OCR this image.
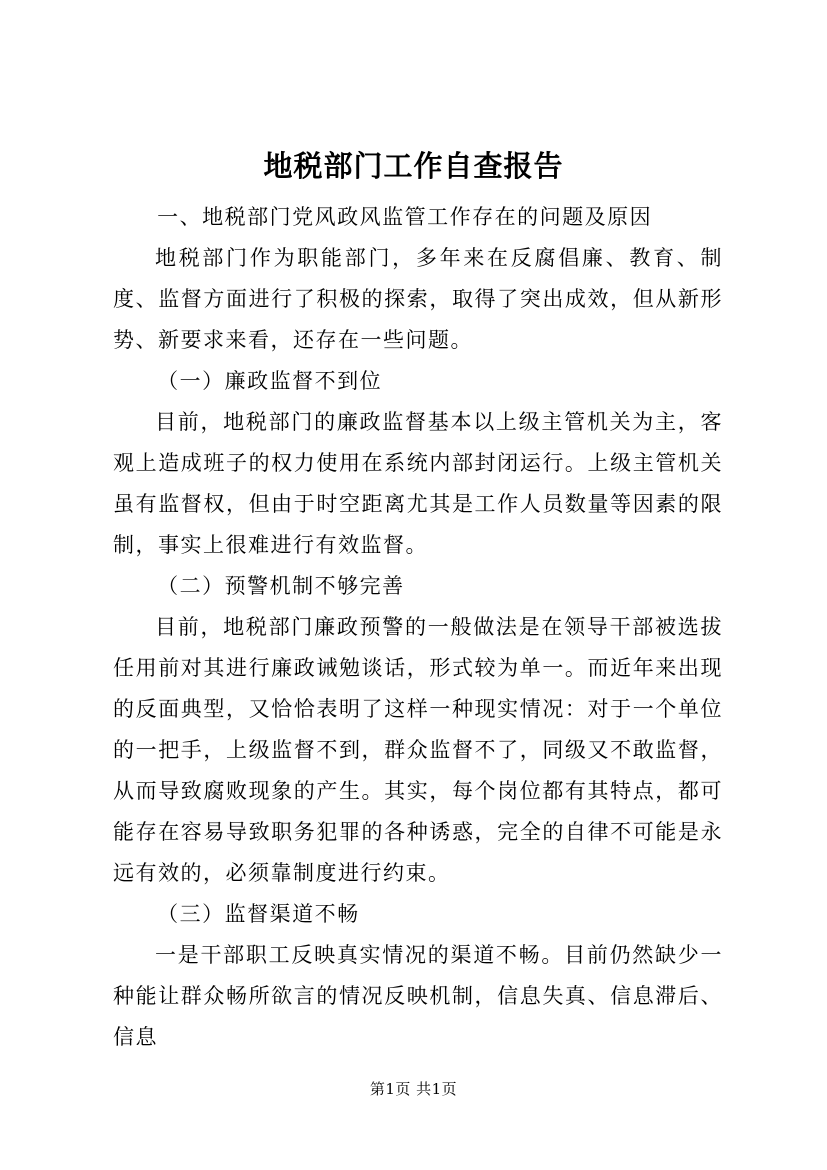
地税部门工作自查报告

一、地税部门党风政风监管工作存在的问题及原因

地税部门作为职能部门，多年来在反腐倡廉、教育、制度、监督方面进行了积极的探索，取得了突出成效，但从新形势、新要求来看，还存在一些问题。

（一）廉政监督不到位

目前，地税部门的廉政监督基本以上级主管机关为主，客观上造成班子的权力使用在系统内部封闭运行。上级主管机关虽有监督权，但由于时空距离尤其是工作人员数量等因素的限制，事实上很难进行有效监督。

（二）预警机制不够完善

目前，地税部门廉政预警的一般做法是在领导干部被选拔任用前对其进行廉政诫勉谈话，形式较为单一。而近年来出现的反面典型，又恰恰表明了这样一种现实情况：对于一个单位的一把手，上级监督不到，群众监督不了，同级又不敢监督，从而导致腐败现象的产生。其实，每个岗位都有其特点，都可能存在容易导致职务犯罪的各种诱惑，完全的自律不可能是永远有效的，必须靠制度进行约束。

（三）监督渠道不畅

一是干部职工反映真实情况的渠道不畅。目前仍然缺少一种能让群众畅所欲言的情况反映机制，信息失真、信息滞后、信息

第1页 共1页
